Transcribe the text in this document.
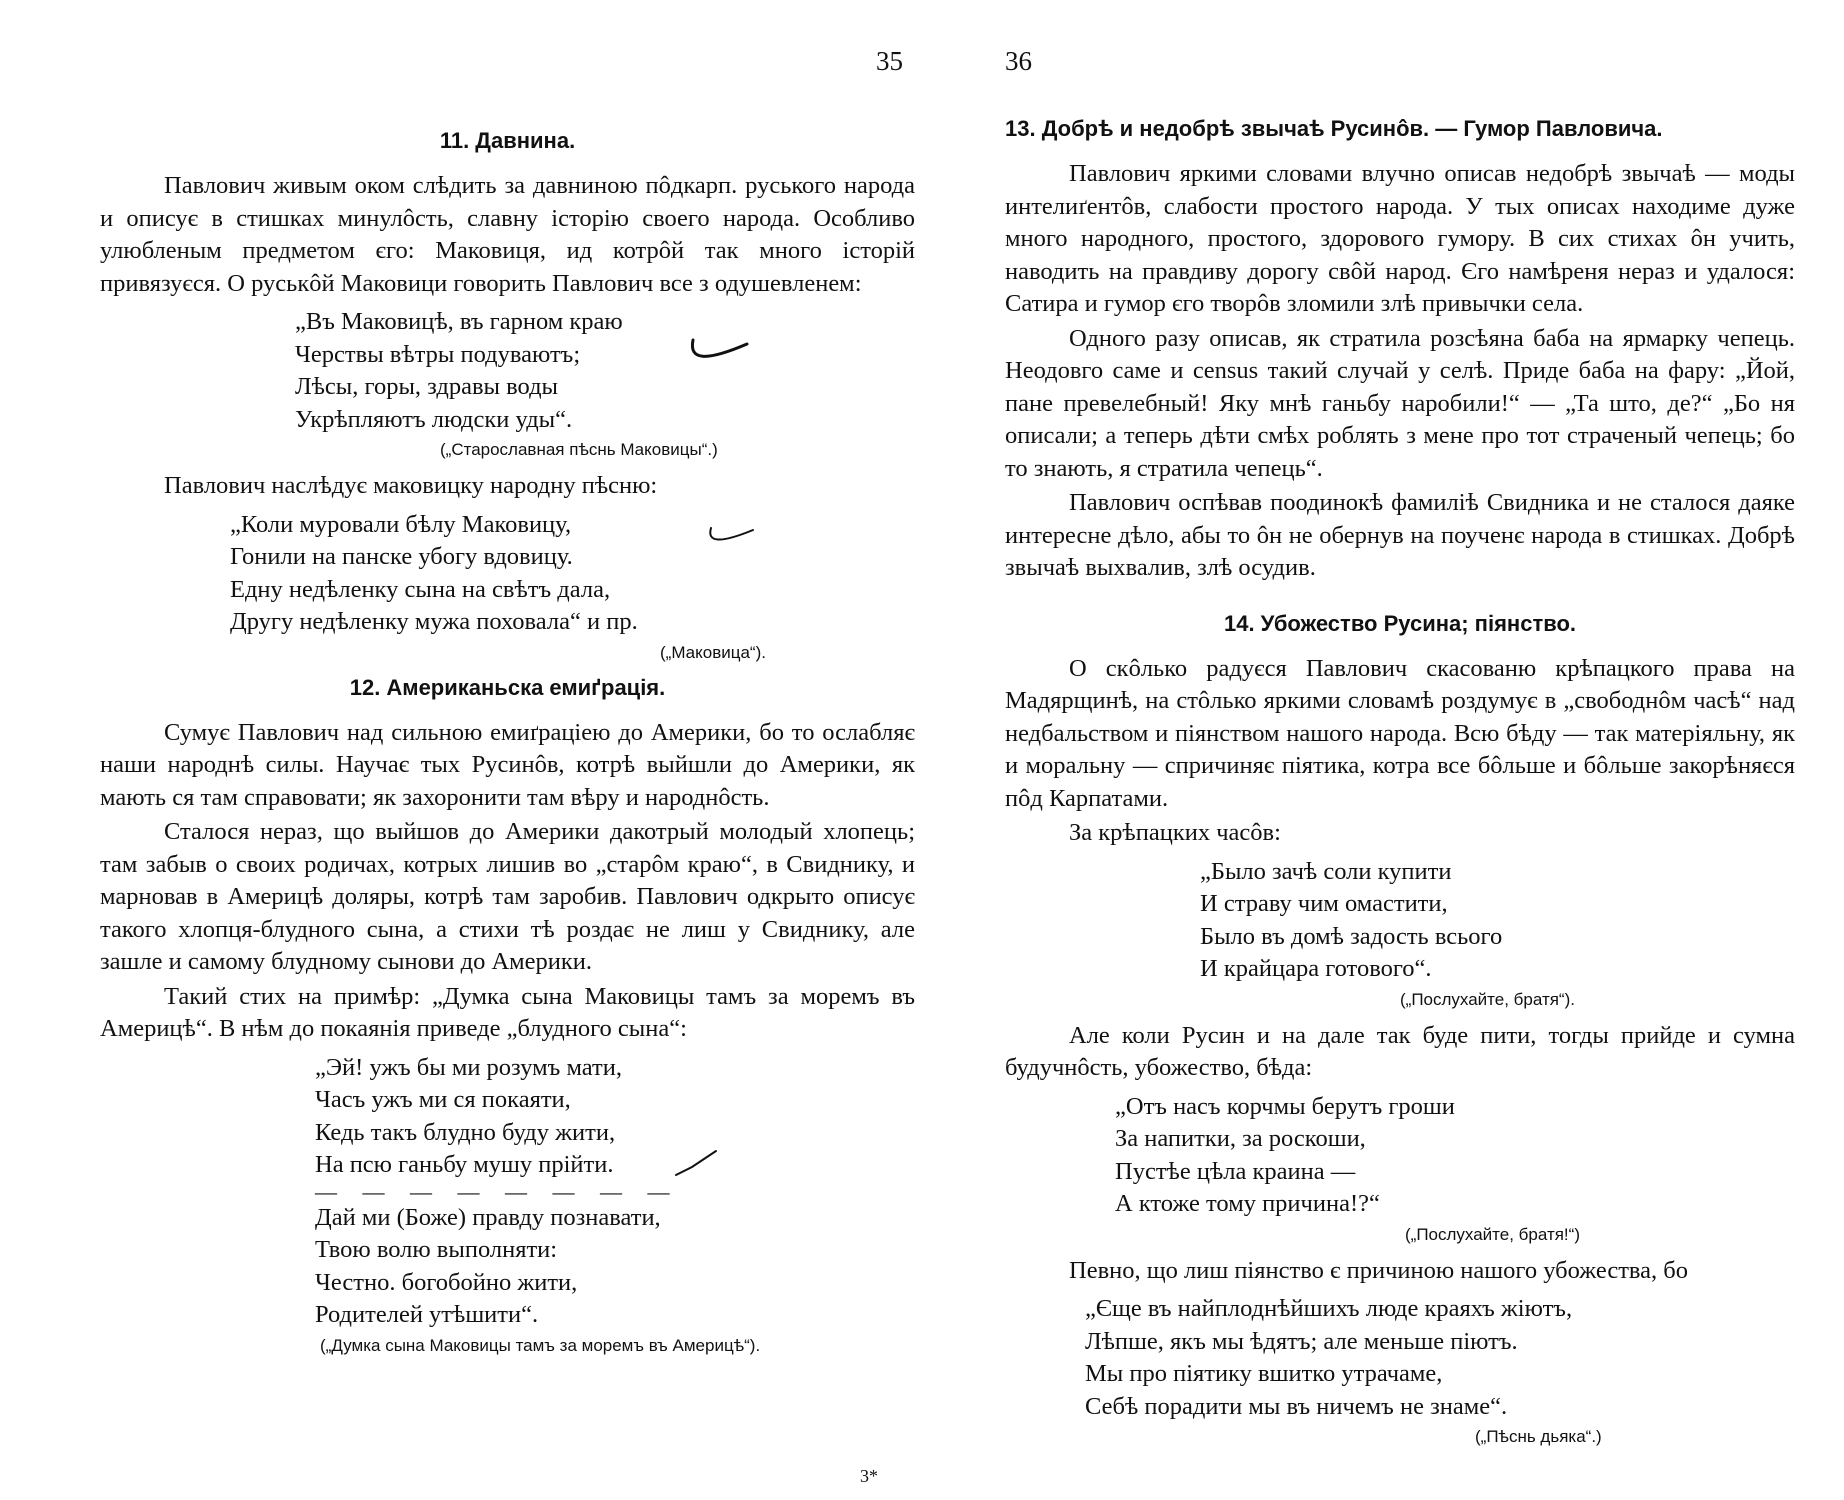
35
11. Давнина.

Павлович живым оком слѣдить за давниною пôдкарп. руського народа и описує в стишках минулôсть, славну історію своего народа. Особливо улюбленым предметом єго: Маковиця, ид котрôй так много історій привязуєся. О руськôй Маковици говорить Павлович все з одушевленем:

„Въ Маковицѣ, въ гарном краю
Черствы вѣтры подуваютъ;
Лѣсы, горы, здравы воды
Укрѣпляютъ людски уды“.
(„Старославная пѣснь Маковицы“.)

Павлович наслѣдує маковицку народну пѣсню:

„Коли муровали бѣлу Маковицу,
Гонили на панске убогу вдовицу.
Едну недѣленку сына на свѣтъ дала,
Другу недѣленку мужа поховала“ и пр.
(„Маковица“).
12. Американьска емиґрація.

Сумує Павлович над сильною емиґраціею до Америки, бо то ослабляє наши народнѣ силы. Научає тых Русинôв, котрѣ выйшли до Америки, як мають ся там справовати; як захоронити там вѣру и народнôсть.

Сталося нераз, що выйшов до Америки дакотрый молодый хлопець; там забыв о своих родичах, котрых лишив во „старôм краю“, в Свиднику, и марновав в Америцѣ доляры, котрѣ там заробив. Павлович одкрыто описує такого хлопця-блудного сына, а стихи тѣ роздає не лиш у Свиднику, але зашле и самому блудному сынови до Америки.

Такий стих на примѣр: „Думка сына Маковицы тамъ за моремъ въ Америцѣ“. В нѣм до покаянія приведе „блудного сына“:

„Эй! ужъ бы ми розумъ мати,
Часъ ужъ ми ся покаяти,
Кедь такъ блудно буду жити,
На псю ганьбу мушу прійти.
— — — — — — — —
Дай ми (Боже) правду познавати,
Твою волю выполняти:
Честно. богобойно жити,
Родителей утѣшити“.
(„Думка сына Маковицы тамъ за моремъ въ Америцѣ“).
3*
36
13. Добрѣ и недобрѣ звычаѣ Русинôв. — Гумор Павловича.

Павлович яркими словами влучно описав недобрѣ звычаѣ — моды интелиґентôв, слабости простого народа. У тых описах находиме дуже много народного, простого, здорового гумору. В сих стихах ôн учить, наводить на правдиву дорогу свôй народ. Єго намѣреня нераз и удалося: Сатира и гумор єго творôв зломили злѣ привычки села.

Одного разу описав, як стратила розсѣяна баба на ярмарку чепець. Неодовго саме и census такий случай у селѣ. Приде баба на фару: „Йой, пане превелебный! Яку мнѣ ганьбу наробили!“ — „Та што, де?“ „Бо ня описали; а теперь дѣти смѣх роблять з мене про тот страченый чепець; бо то знають, я стратила чепець“.

Павлович оспѣвав поодинокѣ фамиліѣ Свидника и не сталося даяке интересне дѣло, абы то ôн не обернув на поученє народа в стишках. Добрѣ звычаѣ выхвалив, злѣ осудив.

14. Убожество Русина; піянство.

О скôлько радуєся Павлович скасованю крѣпацкого права на Мадярщинѣ, на стôлько яркими словамѣ роздумує в „свободнôм часѣ“ над недбальством и піянством нашого народа. Всю бѣду — так матеріяльну, як и моральну — спричиняє піятика, котра все бôльше и бôльше закорѣняєся пôд Карпатами.

За крѣпацких часôв:

„Было зачѣ соли купити
И страву чим омастити,
Было въ домѣ задость всього
И крайцара готового“.
(„Послухайте, братя“).

Але коли Русин и на дале так буде пити, тогды прийде и сумна будучнôсть, убожество, бѣда:

„Отъ насъ корчмы берутъ гроши
За напитки, за роскоши,
Пустѣе цѣла краина —
А ктоже тому причина!?“
(„Послухайте, братя!“)

Певно, що лиш піянство є причиною нашого убожества, бо

„Єще въ найплоднѣйшихъ люде краяхъ жіютъ,
Лѣпше, якъ мы ѣдятъ; але меньше піютъ.
Мы про піятику вшитко утрачаме,
Себѣ порадити мы въ ничемъ не знаме“.
(„Пѣснь дьяка“.)
